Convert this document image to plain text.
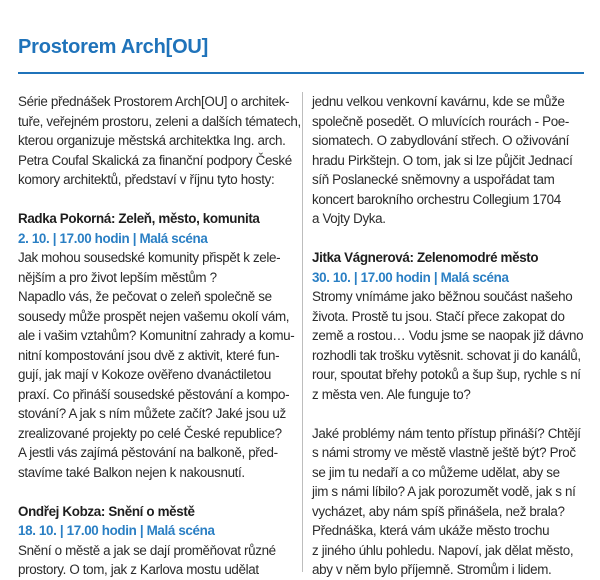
Prostorem Arch[OU]

Série přednášek Prostorem Arch[OU] o architek-
tuře, veřejném prostoru, zeleni a dalších tématech,
kterou organizuje městská architektka Ing. arch.
Petra Coufal Skalická za finanční podpory České
komory architektů, představí v říjnu tyto hosty:

Radka Pokorná: Zeleň, město, komunita

2. 10. | 17.00 hodin | Malá scéna

Jak mohou sousedské komunity přispět k zele-
nějším a pro život lepším městům ?
Napadlo vás, že pečovat o zeleň společně se
sousedy může prospět nejen vašemu okolí vám,
ale i vašim vztahům? Komunitní zahrady a komu-
nitní kompostování jsou dvě z aktivit, které fun-
gují, jak mají v Kokoze ověřeno dvanáctiletou
praxí. Co přináší sousedské pěstování a kompo-
stování? A jak s ním můžete začít? Jaké jsou už
zrealizované projekty po celé České republice?
A jestli vás zajímá pěstování na balkoně, před-
stavíme také Balkon nejen k nakousnutí.

Ondřej Kobza: Snění o městě

18. 10. | 17.00 hodin | Malá scéna

Snění o městě a jak se dají proměňovat různé
prostory. O tom, jak z Karlova mostu udělat

jednu velkou venkovní kavárnu, kde se může
společně posedět. O mluvících rourách - Poe-
siomatech. O zabydlování střech. O oživování
hradu Pirkštejn. O tom, jak si lze půjčit Jednací
síň Poslanecké sněmovny a uspořádat tam
koncert barokního orchestru Collegium 1704
a Vojty Dyka.

Jitka Vágnerová: Zelenomodré město

30. 10. | 17.00 hodin | Malá scéna

Stromy vnímáme jako běžnou součást našeho
života. Prostě tu jsou. Stačí přece zakopat do
země a rostou… Vodu jsme se naopak již dávno
rozhodli tak trošku vytěsnit. schovat ji do kanálů,
rour, spoutat břehy potoků a šup šup, rychle s ní
z města ven. Ale funguje to?

Jaké problémy nám tento přístup přináší? Chtějí
s námi stromy ve městě vlastně ještě být? Proč
se jim tu nedaří a co můžeme udělat, aby se
jim s námi líbilo? A jak porozumět vodě, jak s ní
vycházet, aby nám spíš přinášela, než brala?
Přednáška, která vám ukáže město trochu
z jiného úhlu pohledu. Napoví, jak dělat město,
aby v něm bylo příjemně. Stromům i lidem.
